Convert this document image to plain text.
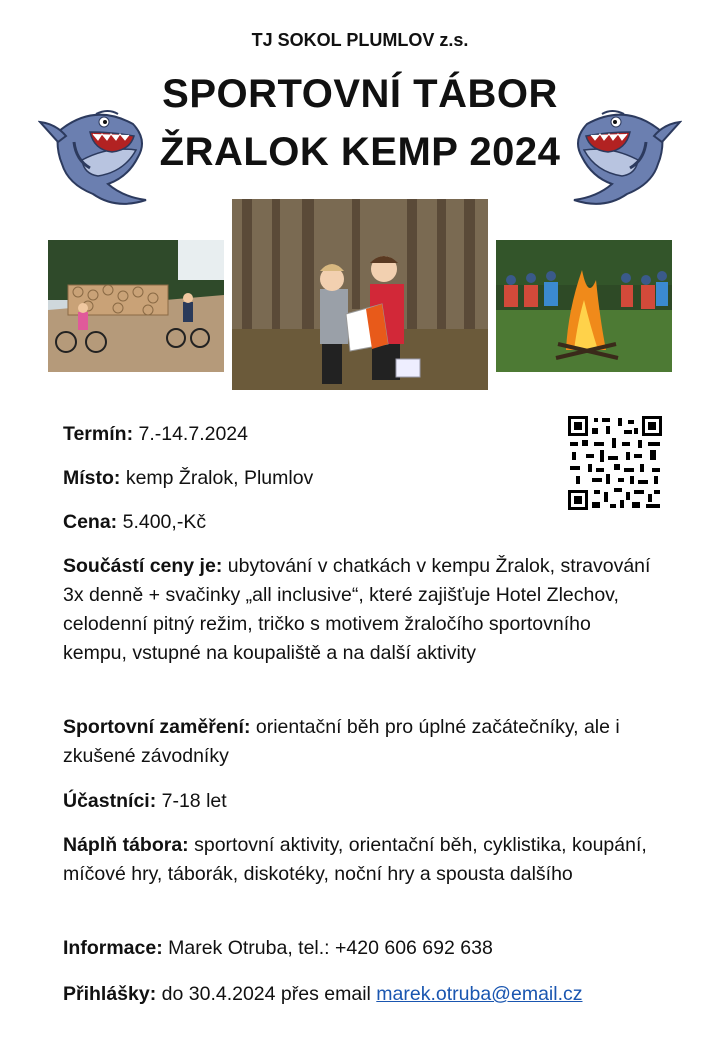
TJ SOKOL PLUMLOV z.s.
SPORTOVNÍ TÁBOR
ŽRALOK KEMP 2024
Termín: 7.-14.7.2024
Místo: kemp Žralok, Plumlov
Cena: 5.400,-Kč
Součástí ceny je: ubytování v chatkách v kempu Žralok, stravování 3x denně + svačinky „all inclusive“, které zajišťuje Hotel Zlechov, celodenní pitný režim, tričko s motivem žraločího sportovního kempu, vstupné na koupaliště a na další aktivity
Sportovní zaměření: orientační běh pro úplné začátečníky, ale i zkušené závodníky
Účastníci: 7-18 let
Náplň tábora: sportovní aktivity, orientační běh, cyklistika, koupání, míčové hry, táborák, diskotéky, noční hry a spousta dalšího
Informace: Marek Otruba, tel.: +420 606 692 638
Přihlášky: do 30.4.2024 přes email marek.otruba@email.cz
